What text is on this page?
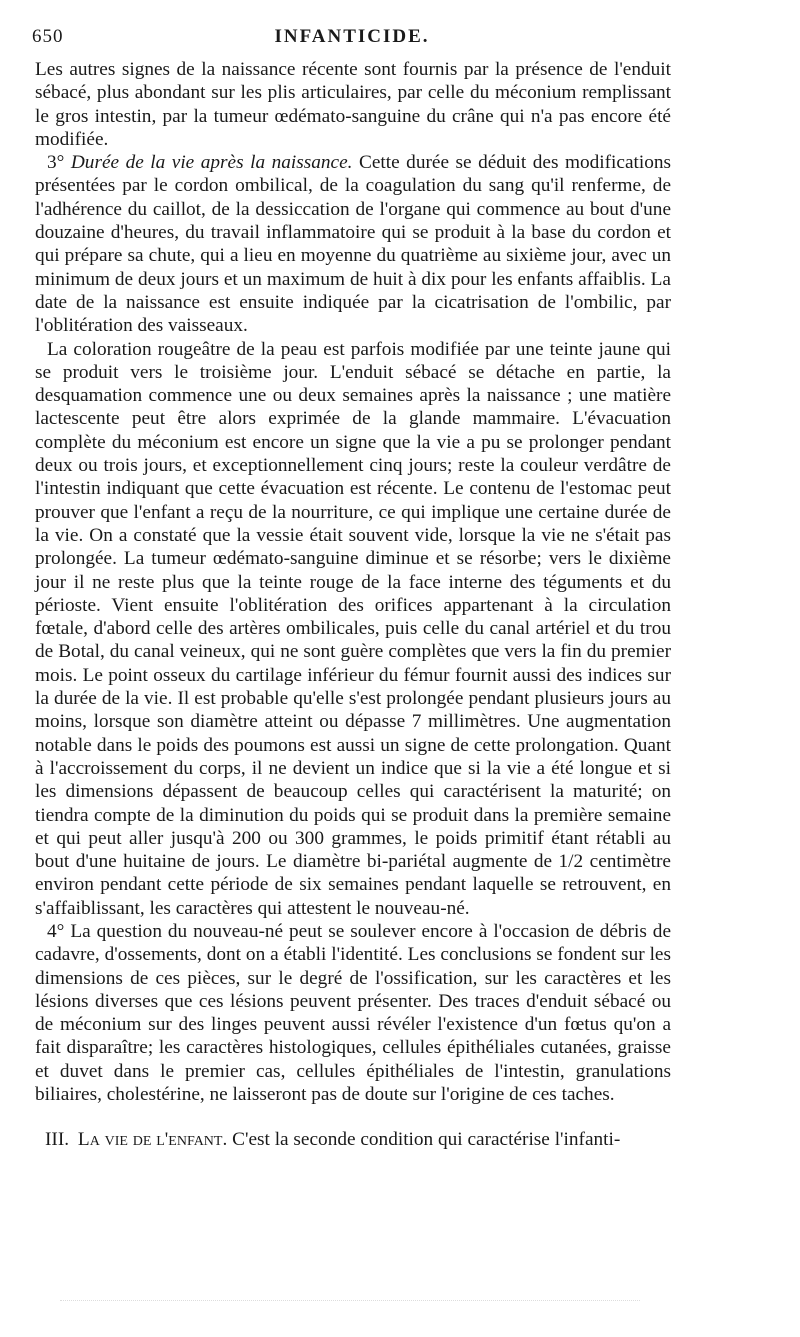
650	INFANTICIDE.

Les autres signes de la naissance récente sont fournis par la présence de l'enduit sébacé, plus abondant sur les plis articulaires, par celle du méconium remplissant le gros intestin, par la tumeur œdémato-sanguine du crâne qui n'a pas encore été modifiée.

3° Durée de la vie après la naissance. Cette durée se déduit des modifications présentées par le cordon ombilical, de la coagulation du sang qu'il renferme, de l'adhérence du caillot, de la dessiccation de l'organe qui commence au bout d'une douzaine d'heures, du travail inflammatoire qui se produit à la base du cordon et qui prépare sa chute, qui a lieu en moyenne du quatrième au sixième jour, avec un minimum de deux jours et un maximum de huit à dix pour les enfants affaiblis. La date de la naissance est ensuite indiquée par la cicatrisation de l'ombilic, par l'oblitération des vaisseaux.

La coloration rougeâtre de la peau est parfois modifiée par une teinte jaune qui se produit vers le troisième jour. L'enduit sébacé se détache en partie, la desquamation commence une ou deux semaines après la naissance ; une matière lactescente peut être alors exprimée de la glande mammaire. L'évacuation complète du méconium est encore un signe que la vie a pu se prolonger pendant deux ou trois jours, et exceptionnellement cinq jours; reste la couleur verdâtre de l'intestin indiquant que cette évacuation est récente. Le contenu de l'estomac peut prouver que l'enfant a reçu de la nourriture, ce qui implique une certaine durée de la vie. On a constaté que la vessie était souvent vide, lorsque la vie ne s'était pas prolongée. La tumeur œdémato-sanguine diminue et se résorbe; vers le dixième jour il ne reste plus que la teinte rouge de la face interne des téguments et du périoste. Vient ensuite l'oblitération des orifices appartenant à la circulation fœtale, d'abord celle des artères ombilicales, puis celle du canal artériel et du trou de Botal, du canal veineux, qui ne sont guère complètes que vers la fin du premier mois. Le point osseux du cartilage inférieur du fémur fournit aussi des indices sur la durée de la vie. Il est probable qu'elle s'est prolongée pendant plusieurs jours au moins, lorsque son diamètre atteint ou dépasse 7 millimètres. Une augmentation notable dans le poids des poumons est aussi un signe de cette prolongation. Quant à l'accroissement du corps, il ne devient un indice que si la vie a été longue et si les dimensions dépassent de beaucoup celles qui caractérisent la maturité; on tiendra compte de la diminution du poids qui se produit dans la première semaine et qui peut aller jusqu'à 200 ou 300 grammes, le poids primitif étant rétabli au bout d'une huitaine de jours. Le diamètre bi-pariétal augmente de 1/2 centimètre environ pendant cette période de six semaines pendant laquelle se retrouvent, en s'affaiblissant, les caractères qui attestent le nouveau-né.

4° La question du nouveau-né peut se soulever encore à l'occasion de débris de cadavre, d'ossements, dont on a établi l'identité. Les conclusions se fondent sur les dimensions de ces pièces, sur le degré de l'ossification, sur les caractères et les lésions diverses que ces lésions peuvent présenter. Des traces d'enduit sébacé ou de méconium sur des linges peuvent aussi révéler l'existence d'un fœtus qu'on a fait disparaître; les caractères histologiques, cellules épithéliales cutanées, graisse et duvet dans le premier cas, cellules épithéliales de l'intestin, granulations biliaires, cholestérine, ne laisseront pas de doute sur l'origine de ces taches.

III. La vie de l'enfant. C'est la seconde condition qui caractérise l'infanti-
